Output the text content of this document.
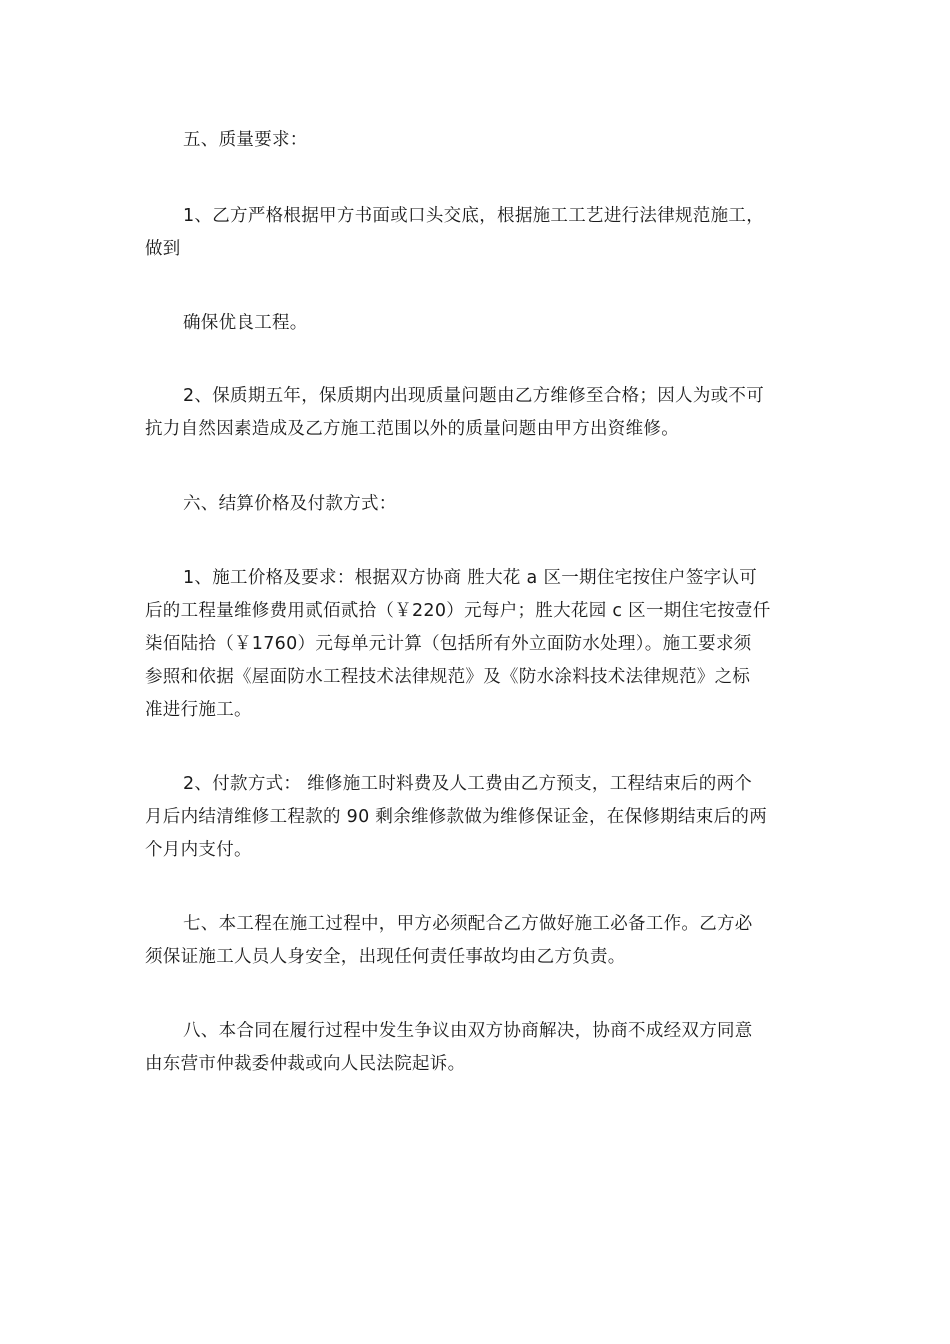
五、质量要求：

1、乙方严格根据甲方书面或口头交底，根据施工工艺进行法律规范施工，
做到

确保优良工程。

2、保质期五年，保质期内出现质量问题由乙方维修至合格；因人为或不可
抗力自然因素造成及乙方施工范围以外的质量问题由甲方出资维修。

六、结算价格及付款方式：

1、施工价格及要求：根据双方协商 胜大花 a 区一期住宅按住户签字认可
后的工程量维修费用贰佰贰拾（￥220）元每户；胜大花园 c 区一期住宅按壹仟
柒佰陆拾（￥1760）元每单元计算（包括所有外立面防水处理）。施工要求须
参照和依据《屋面防水工程技术法律规范》及《防水涂料技术法律规范》之标
准进行施工。

2、付款方式： 维修施工时料费及人工费由乙方预支，工程结束后的两个
月后内结清维修工程款的 90 剩余维修款做为维修保证金，在保修期结束后的两
个月内支付。

七、本工程在施工过程中，甲方必须配合乙方做好施工必备工作。乙方必
须保证施工人员人身安全，出现任何责任事故均由乙方负责。

八、本合同在履行过程中发生争议由双方协商解决，协商不成经双方同意
由东营市仲裁委仲裁或向人民法院起诉。
